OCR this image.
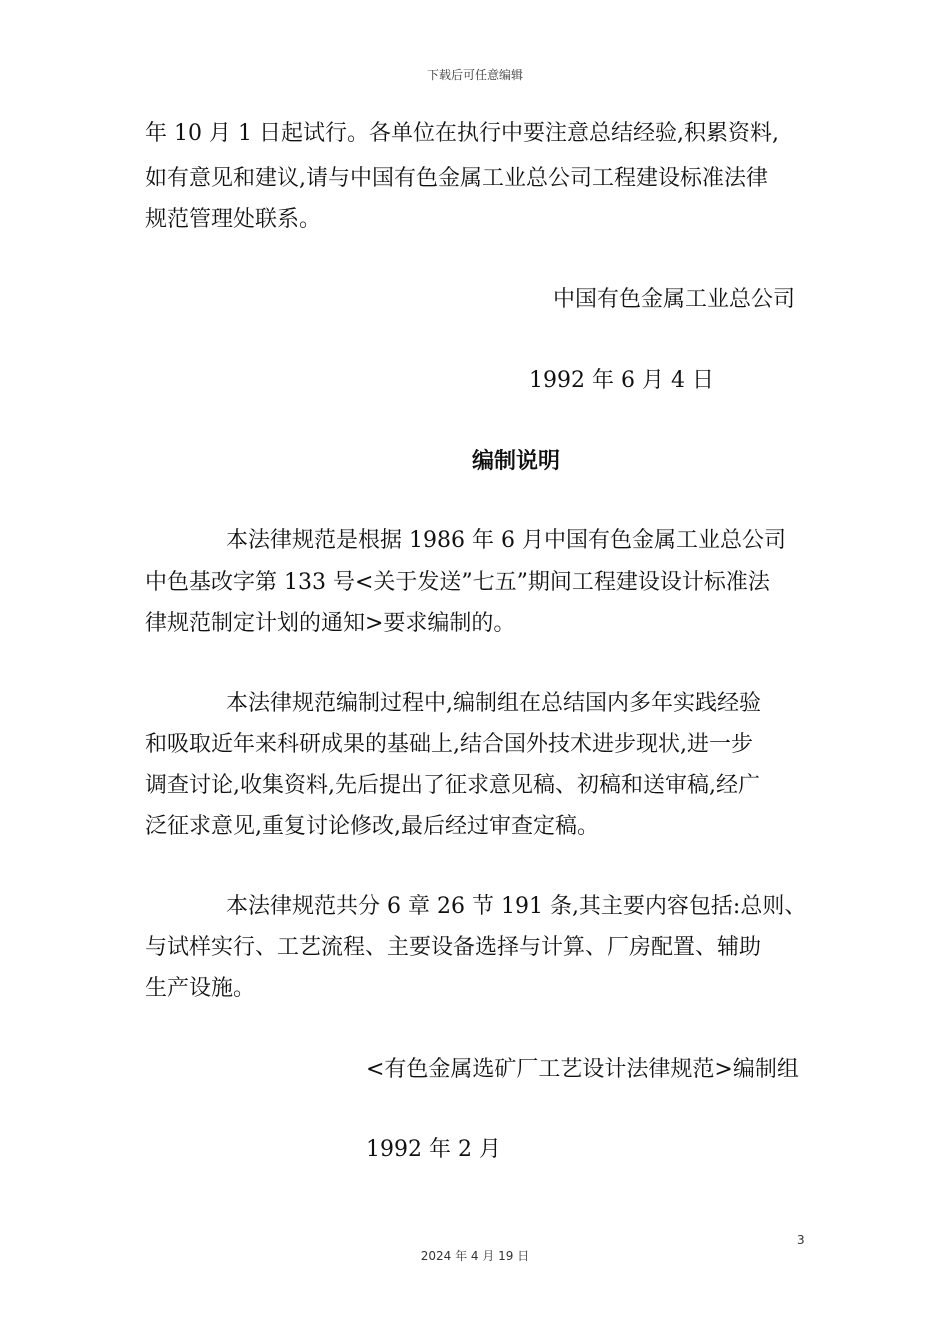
下载后可任意编辑
年 10 月 1 日起试行。各单位在执行中要注意总结经验,积累资料,
如有意见和建议,请与中国有色金属工业总公司工程建设标准法律
规范管理处联系。
中国有色金属工业总公司
1992 年 6 月 4 日
编制说明
本法律规范是根据 1986 年 6 月中国有色金属工业总公司
中色基改字第 133 号<关于发送”七五”期间工程建设设计标准法
律规范制定计划的通知>要求编制的。
本法律规范编制过程中,编制组在总结国内多年实践经验
和吸取近年来科研成果的基础上,结合国外技术进步现状,进一步
调查讨论,收集资料,先后提出了征求意见稿、初稿和送审稿,经广
泛征求意见,重复讨论修改,最后经过审查定稿。
本法律规范共分 6 章 26 节 191 条,其主要内容包括:总则、
与试样实行、工艺流程、主要设备选择与计算、厂房配置、辅助
生产设施。
<有色金属选矿厂工艺设计法律规范>编制组
1992 年 2 月
3
2024 年 4 月 19 日
